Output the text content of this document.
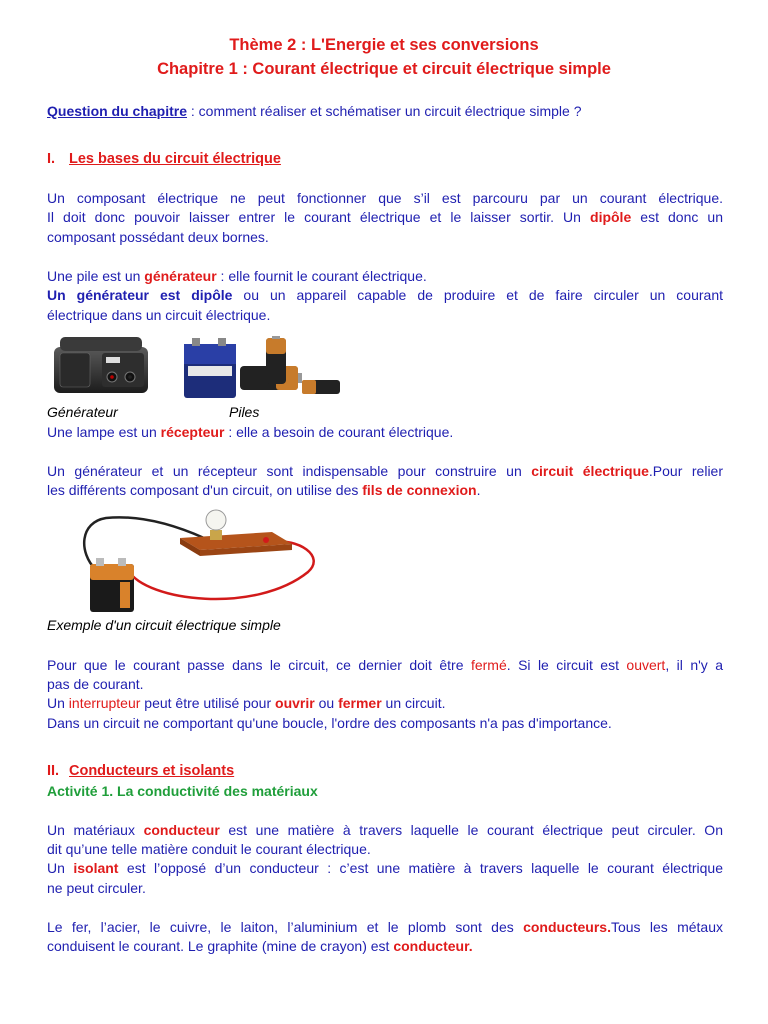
Thème 2 : L'Energie et ses conversions
Chapitre 1 : Courant électrique et circuit électrique simple
Question du chapitre : comment réaliser et schématiser un circuit électrique simple ?
I. Les bases du circuit électrique
Un composant électrique ne peut fonctionner que s’il est parcouru par un courant électrique.
Il doit donc pouvoir laisser entrer le courant électrique et le laisser sortir. Un dipôle est donc un
composant possédant deux bornes.
Une pile est un générateur : elle fournit le courant électrique.
Un générateur est dipôle ou un appareil capable de produire et de faire circuler un courant
électrique dans un circuit électrique.
Générateur	Piles
Une lampe est un récepteur : elle a besoin de courant électrique.
Un générateur et un récepteur sont indispensable pour construire un circuit électrique.Pour relier
les différents composant d'un circuit, on utilise des fils de connexion.
Exemple d'un circuit électrique simple
Pour que le courant passe dans le circuit, ce dernier doit être fermé. Si le circuit est ouvert, il n'y a
pas de courant.
Un interrupteur peut être utilisé pour ouvrir ou fermer un circuit.
Dans un circuit ne comportant qu'une boucle, l'ordre des composants n'a pas d'importance.
II. Conducteurs et isolants
Activité 1. La conductivité des matériaux
Un matériaux conducteur est une matière à travers laquelle le courant électrique peut circuler. On
dit qu’une telle matière conduit le courant électrique.
Un isolant est l’opposé d’un conducteur : c’est une matière à travers laquelle le courant électrique
ne peut circuler.
Le fer, l’acier, le cuivre, le laiton, l’aluminium et le plomb sont des conducteurs.Tous les métaux
conduisent le courant. Le graphite (mine de crayon) est conducteur.
